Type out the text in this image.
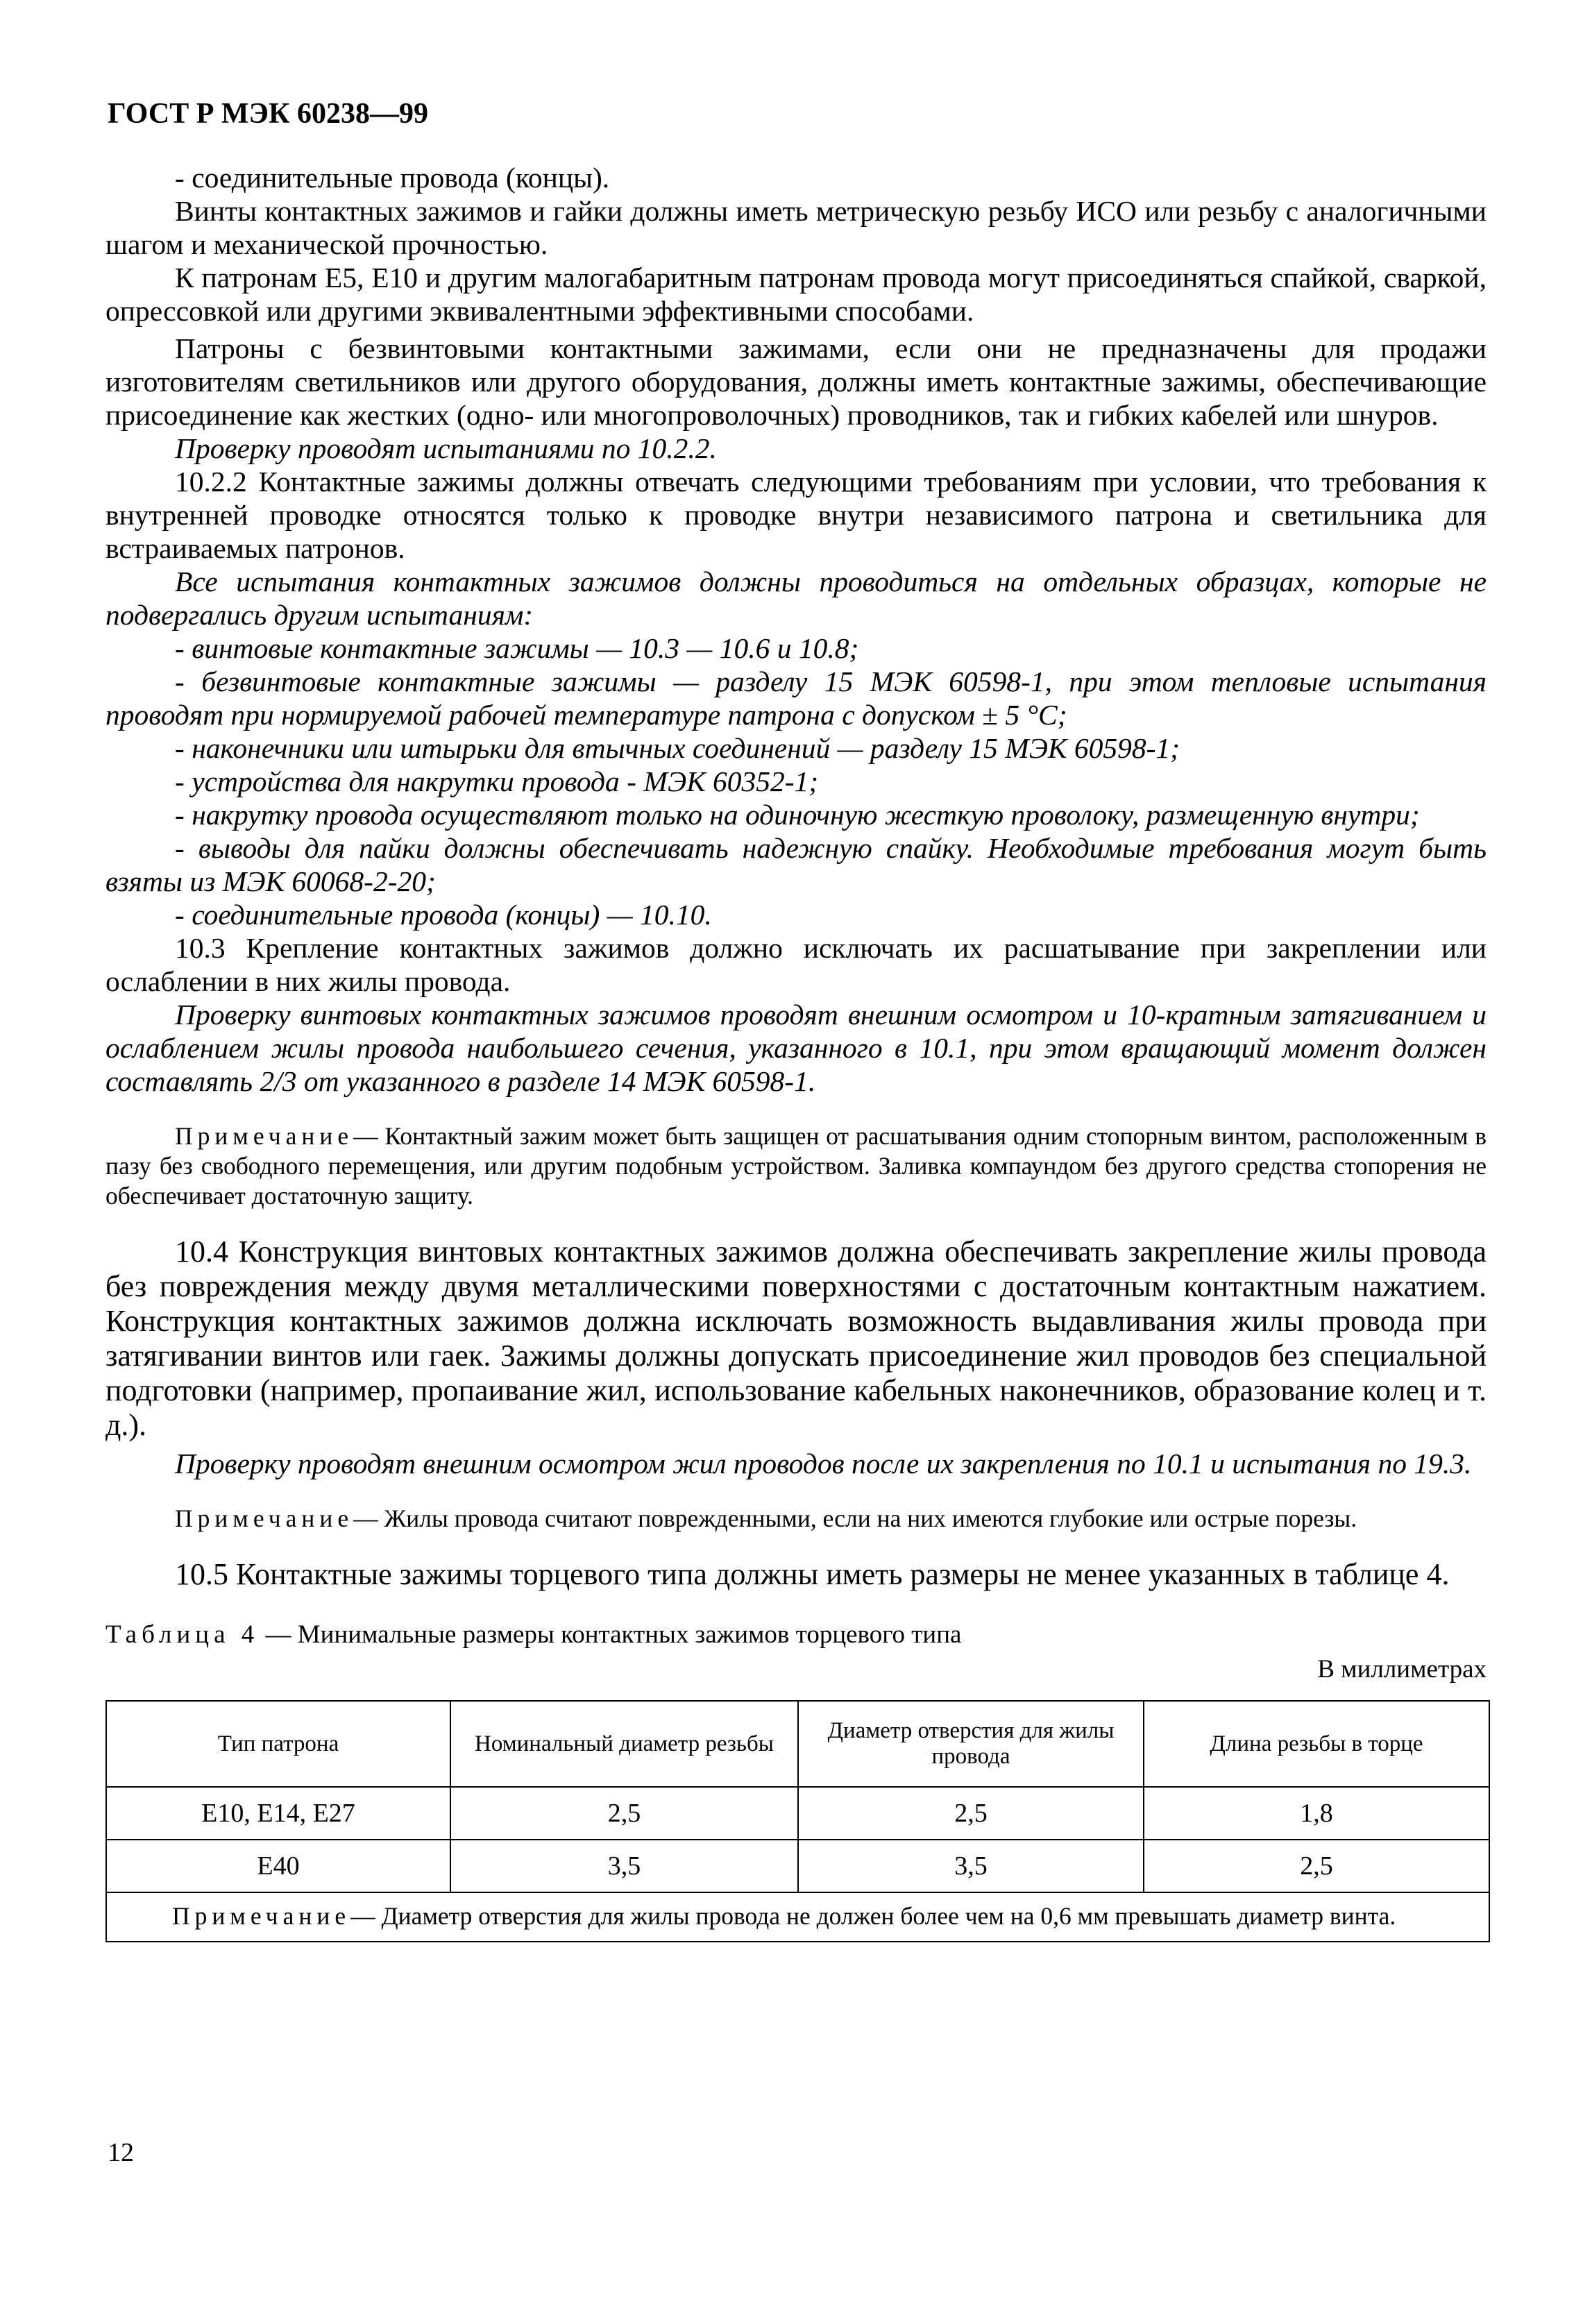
ГОСТ Р МЭК 60238—99

- соединительные провода (концы).

Винты контактных зажимов и гайки должны иметь метрическую резьбу ИСО или резьбу с аналогичными шагом и механической прочностью.

К патронам Е5, Е10 и другим малогабаритным патронам провода могут присоединяться спайкой, сваркой, опрессовкой или другими эквивалентными эффективными способами.

Патроны с безвинтовыми контактными зажимами, если они не предназначены для продажи изготовителям светильников или другого оборудования, должны иметь контактные зажимы, обеспечивающие присоединение как жестких (одно- или многопроволочных) проводников, так и гибких кабелей или шнуров.

Проверку проводят испытаниями по 10.2.2.

10.2.2 Контактные зажимы должны отвечать следующими требованиям при условии, что требования к внутренней проводке относятся только к проводке внутри независимого патрона и светильника для встраиваемых патронов.

Все испытания контактных зажимов должны проводиться на отдельных образцах, которые не подвергались другим испытаниям:

- винтовые контактные зажимы — 10.3 — 10.6 и 10.8;

- безвинтовые контактные зажимы — разделу 15 МЭК 60598-1, при этом тепловые испытания проводят при нормируемой рабочей температуре патрона с допуском ± 5 °С;

- наконечники или штырьки для втычных соединений — разделу 15 МЭК 60598-1;

- устройства для накрутки провода - МЭК 60352-1;

- накрутку провода осуществляют только на одиночную жесткую проволоку, размещенную внутри;

- выводы для пайки должны обеспечивать надежную спайку. Необходимые требования могут быть взяты из МЭК 60068-2-20;

- соединительные провода (концы) — 10.10.

10.3 Крепление контактных зажимов должно исключать их расшатывание при закреплении или ослаблении в них жилы провода.

Проверку винтовых контактных зажимов проводят внешним осмотром и 10-кратным затягиванием и ослаблением жилы провода наибольшего сечения, указанного в 10.1, при этом вращающий момент должен составлять 2/3 от указанного в разделе 14 МЭК 60598-1.

Примечание— Контактный зажим может быть защищен от расшатывания одним стопорным винтом, расположенным в пазу без свободного перемещения, или другим подобным устройством. Заливка компаундом без другого средства стопорения не обеспечивает достаточную защиту.

10.4 Конструкция винтовых контактных зажимов должна обеспечивать закрепление жилы провода без повреждения между двумя металлическими поверхностями с достаточным контактным нажатием. Конструкция контактных зажимов должна исключать возможность выдавливания жилы провода при затягивании винтов или гаек. Зажимы должны допускать присоединение жил проводов без специальной подготовки (например, пропаивание жил, использование кабельных наконечников, образование колец и т. д.).

Проверку проводят внешним осмотром жил проводов после их закрепления по 10.1 и испытания по 19.3.

Примечание— Жилы провода считают поврежденными, если на них имеются глубокие или острые порезы.

10.5 Контактные зажимы торцевого типа должны иметь размеры не менее указанных в таблице 4.

Таблица 4 — Минимальные размеры контактных зажимов торцевого типа

В миллиметрах

Тип патрона	Номинальный диаметр резьбы	Диаметр отверстия для жилы провода	Длина резьбы в торце
Е10, Е14, Е27	2,5	2,5	1,8
Е40	3,5	3,5	2,5
Примечание— Диаметр отверстия для жилы провода не должен более чем на 0,6 мм превышать диаметр винта.			
12
